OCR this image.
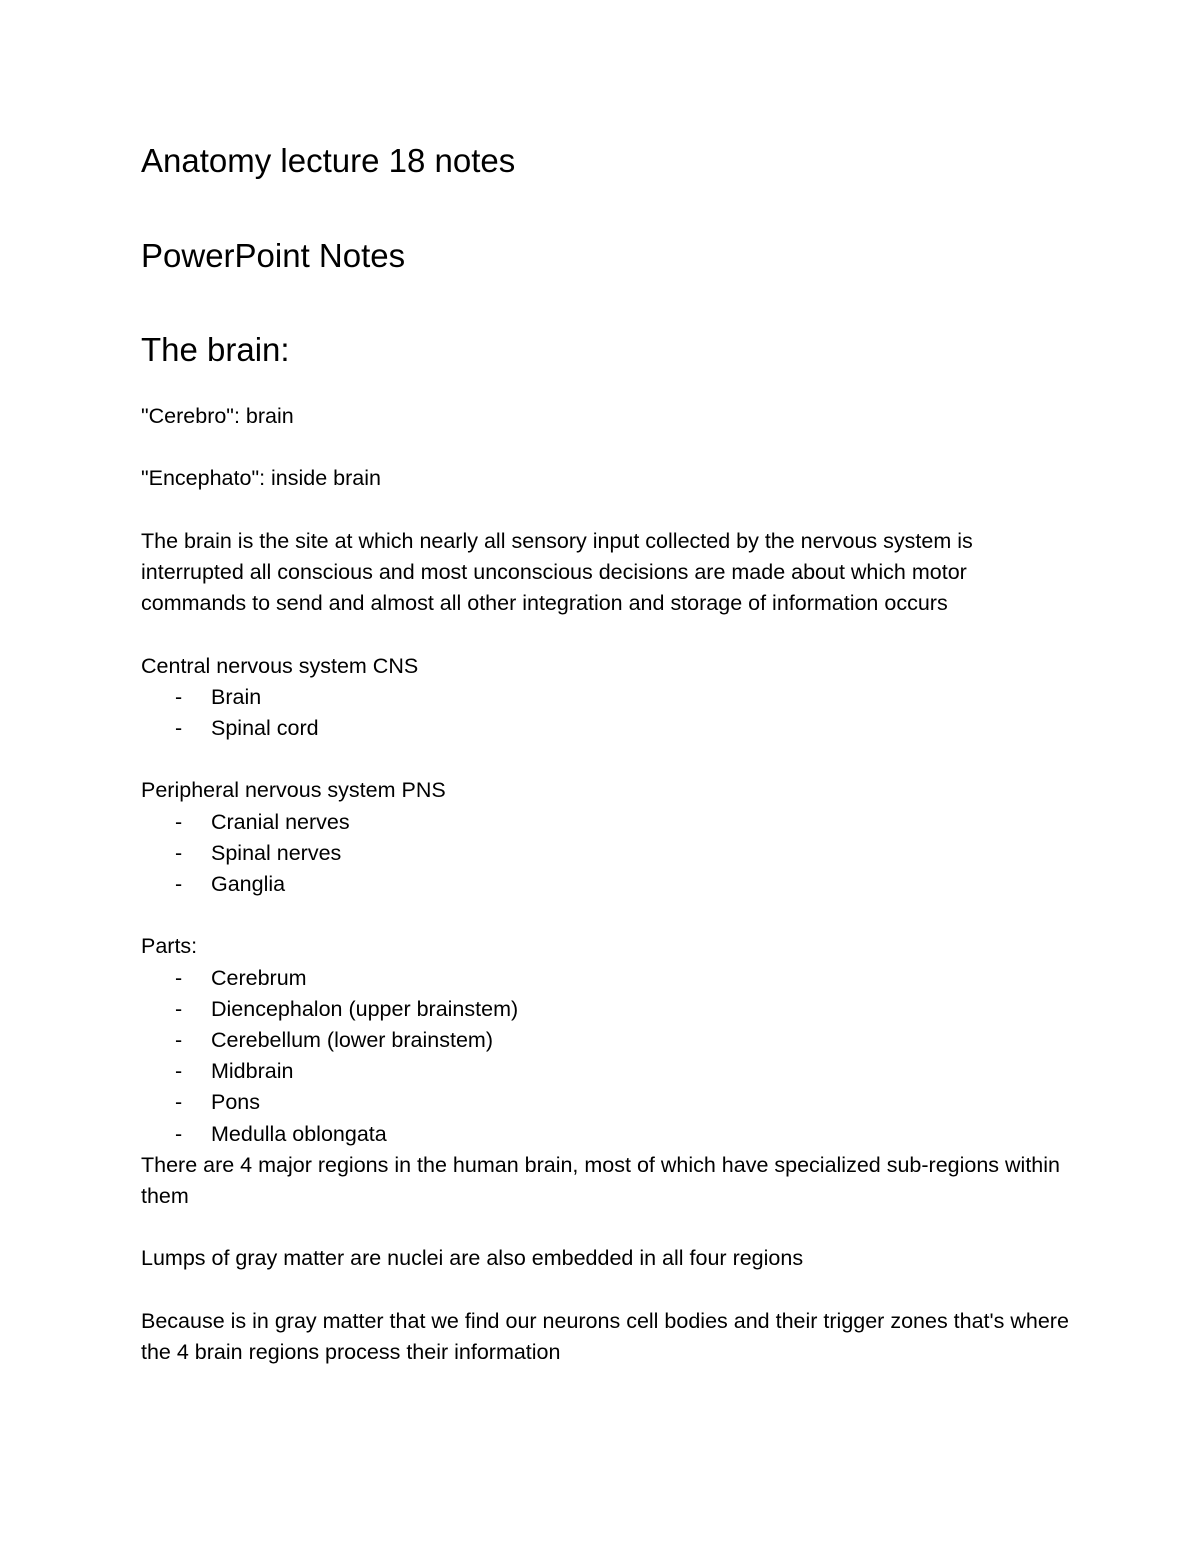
Anatomy lecture 18 notes
PowerPoint Notes
The brain:

"Cerebro": brain

"Encephato": inside brain

The brain is the site at which nearly all sensory input collected by the nervous system is interrupted all conscious and most unconscious decisions are made about which motor commands to send and almost all other integration and storage of information occurs

Central nervous system CNS

- Brain
- Spinal cord

Peripheral nervous system PNS

- Cranial nerves
- Spinal nerves
- Ganglia

Parts:

- Cerebrum
- Diencephalon (upper brainstem)
- Cerebellum (lower brainstem)
- Midbrain
- Pons
- Medulla oblongata

There are 4 major regions in the human brain, most of which have specialized sub-regions within them

Lumps of gray matter are nuclei are also embedded in all four regions

Because is in gray matter that we find our neurons cell bodies and their trigger zones that's where the 4 brain regions process their information
